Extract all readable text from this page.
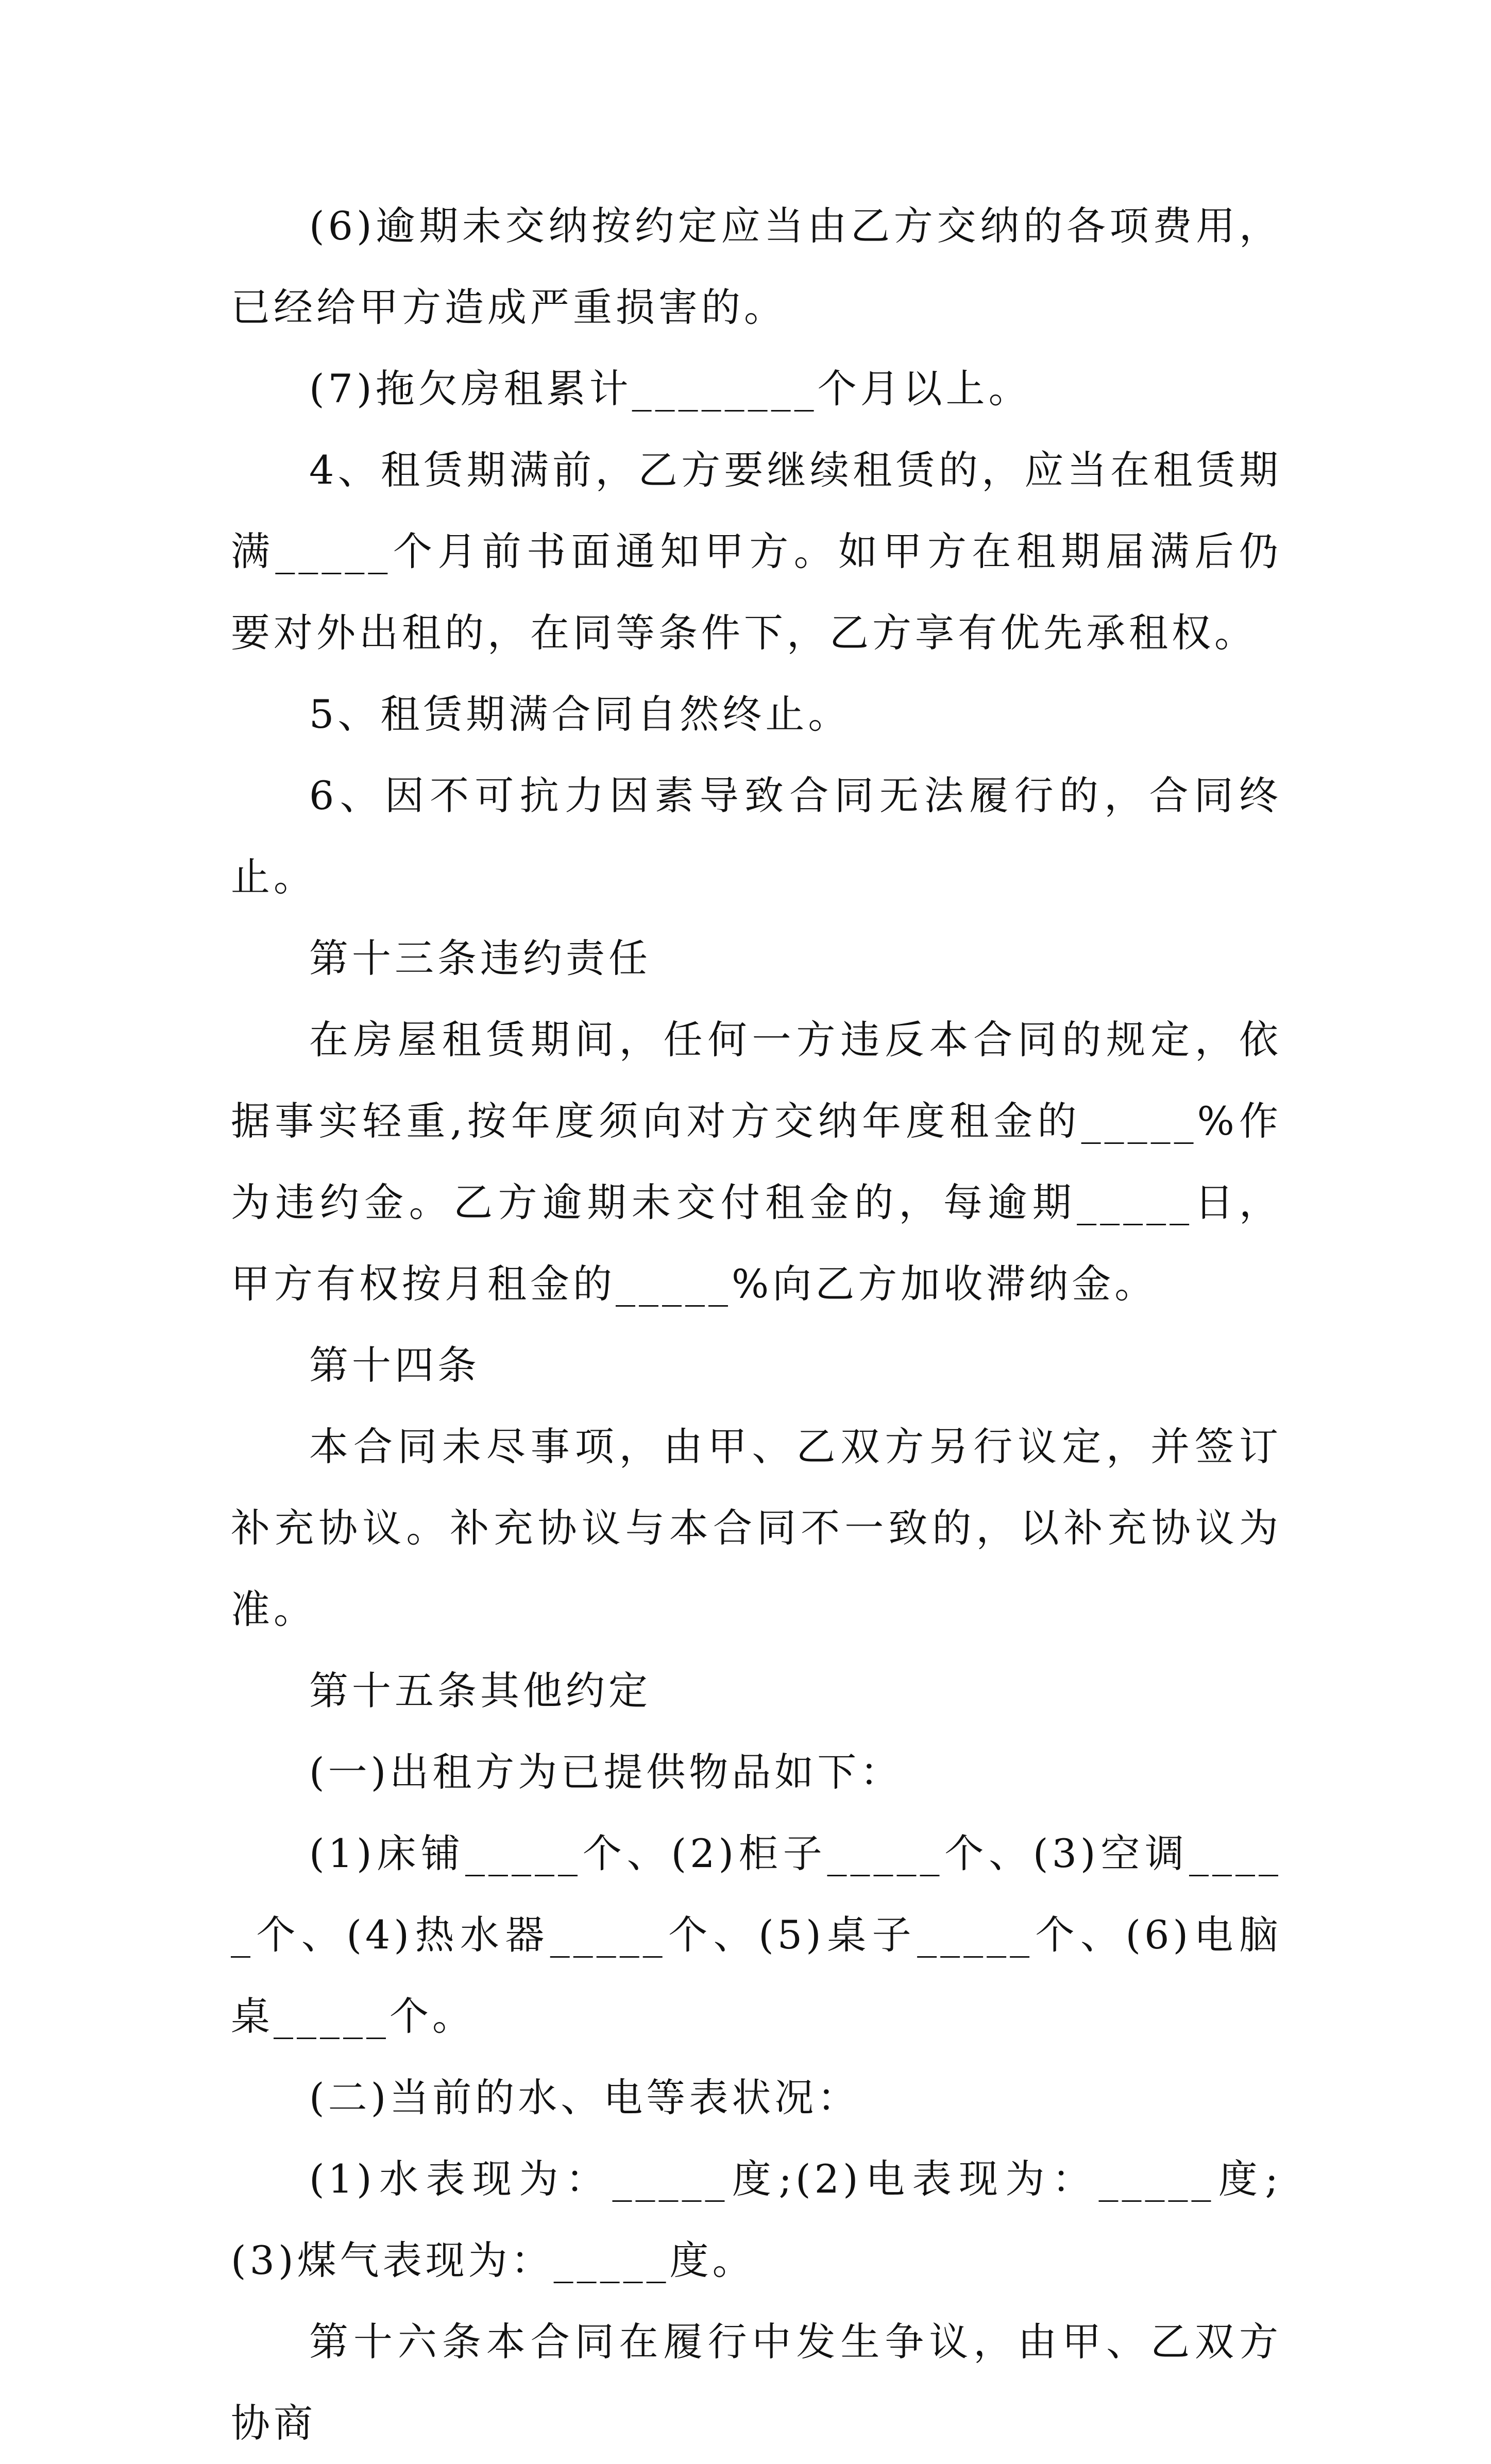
(6)逾期未交纳按约定应当由乙方交纳的各项费用，已经给甲方造成严重损害的。

(7)拖欠房租累计________个月以上。

4、租赁期满前，乙方要继续租赁的，应当在租赁期满_____个月前书面通知甲方。如甲方在租期届满后仍要对外出租的，在同等条件下，乙方享有优先承租权。

5、租赁期满合同自然终止。

6、因不可抗力因素导致合同无法履行的，合同终止。

第十三条违约责任

在房屋租赁期间，任何一方违反本合同的规定，依据事实轻重,按年度须向对方交纳年度租金的_____%作为违约金。乙方逾期未交付租金的，每逾期_____日，甲方有权按月租金的_____%向乙方加收滞纳金。

第十四条

本合同未尽事项，由甲、乙双方另行议定，并签订补充协议。补充协议与本合同不一致的，以补充协议为准。

第十五条其他约定

(一)出租方为已提供物品如下：

(1)床铺_____个、(2)柜子_____个、(3)空调_____个、(4)热水器_____个、(5)桌子_____个、(6)电脑桌_____个。

(二)当前的水、电等表状况：

(1)水表现为：_____度;(2)电表现为：_____度;(3)煤气表现为：_____度。

第十六条本合同在履行中发生争议，由甲、乙双方协商
